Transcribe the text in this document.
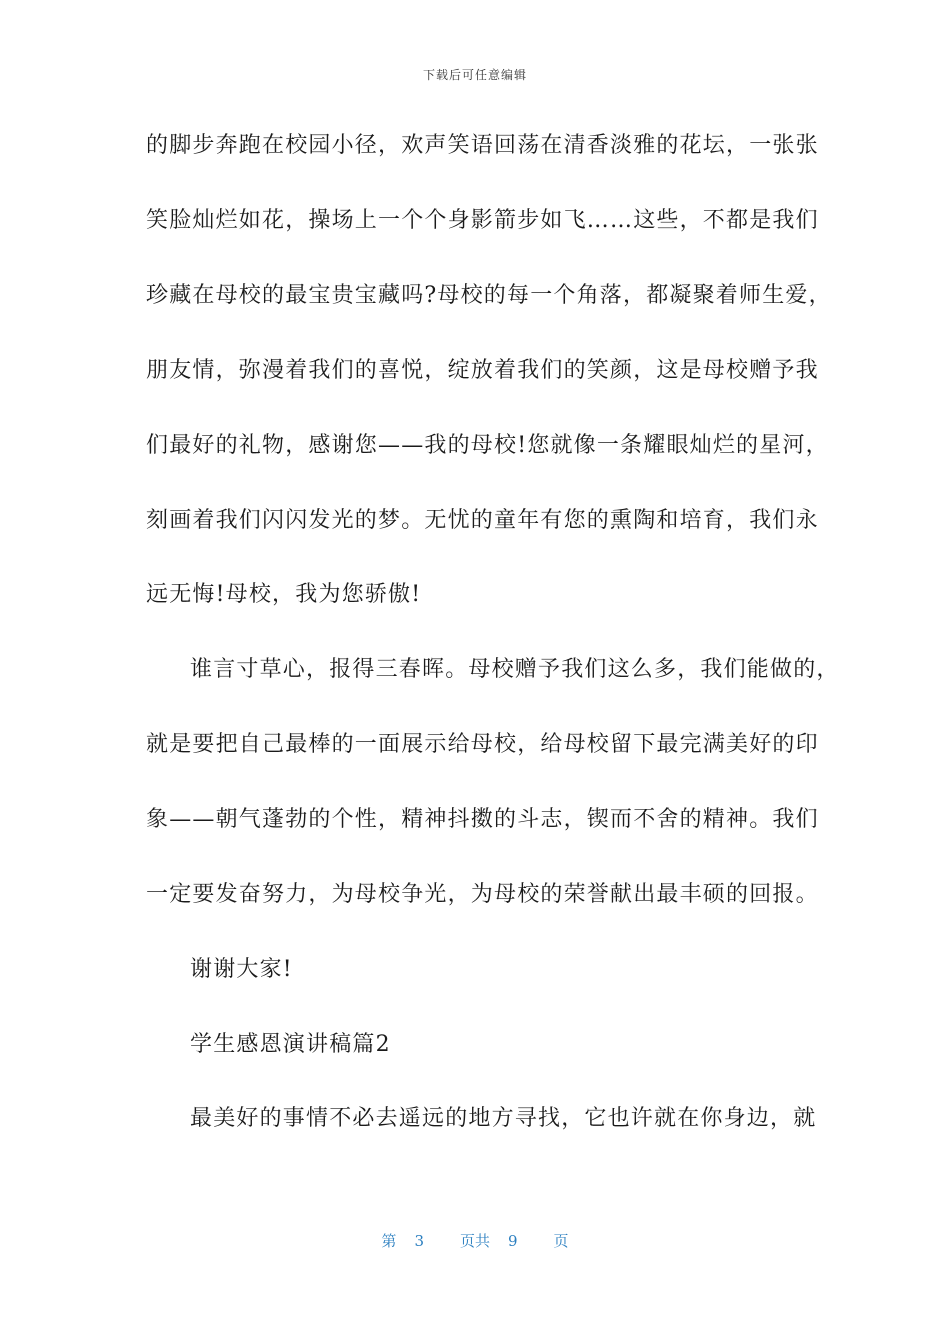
下载后可任意编辑
的脚步奔跑在校园小径，欢声笑语回荡在清香淡雅的花坛，一张张
笑脸灿烂如花，操场上一个个身影箭步如飞……这些，不都是我们
珍藏在母校的最宝贵宝藏吗?母校的每一个角落，都凝聚着师生爱，
朋友情，弥漫着我们的喜悦，绽放着我们的笑颜，这是母校赠予我
们最好的礼物，感谢您——我的母校!您就像一条耀眼灿烂的星河，
刻画着我们闪闪发光的梦。无忧的童年有您的熏陶和培育，我们永
远无悔!母校，我为您骄傲!
谁言寸草心，报得三春晖。母校赠予我们这么多，我们能做的，
就是要把自己最棒的一面展示给母校，给母校留下最完满美好的印
象——朝气蓬勃的个性，精神抖擞的斗志，锲而不舍的精神。我们
一定要发奋努力，为母校争光，为母校的荣誉献出最丰硕的回报。
谢谢大家!
学生感恩演讲稿篇2
最美好的事情不必去遥远的地方寻找，它也许就在你身边，就
第 3 页共 9 页
